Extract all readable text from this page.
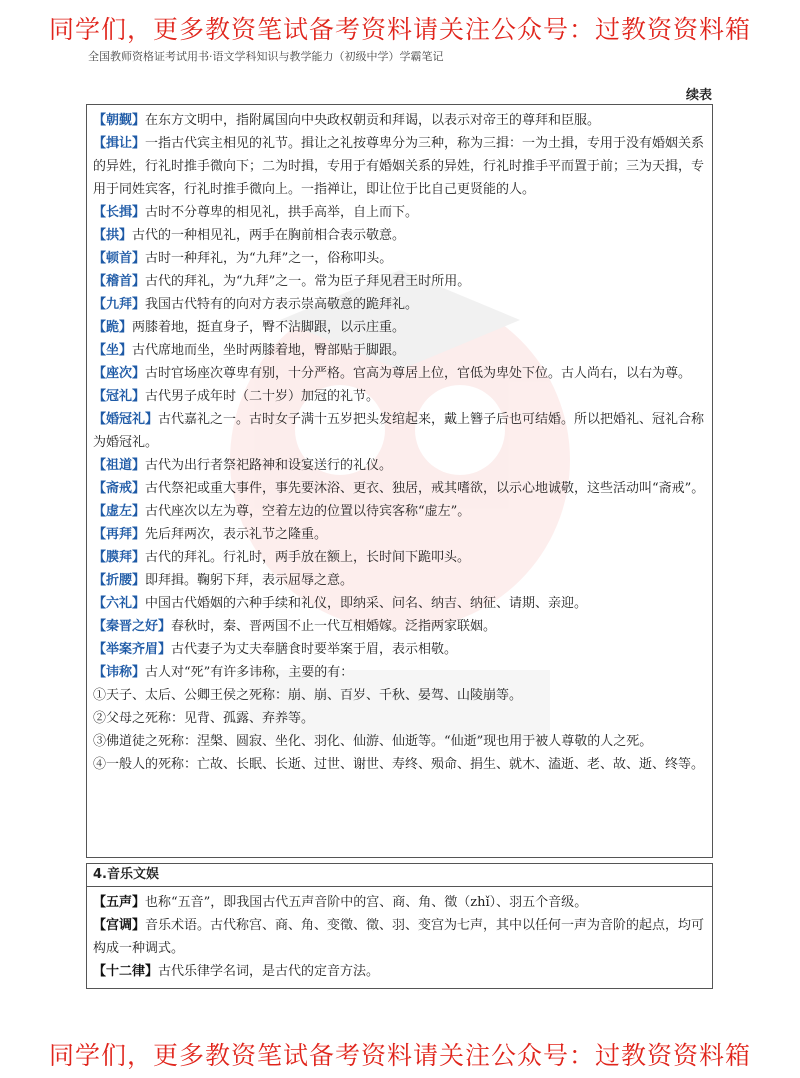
同学们，更多教资笔试备考资料请关注公众号：过教资资料箱
全国教师资格证考试用书·语文学科知识与教学能力（初级中学）学霸笔记
续表

【朝觐】在东方文明中，指附属国向中央政权朝贡和拜谒，以表示对帝王的尊拜和臣服。

【揖让】一指古代宾主相见的礼节。揖让之礼按尊卑分为三种，称为三揖：一为土揖，专用于没有婚姻关系的异姓，行礼时推手微向下；二为时揖，专用于有婚姻关系的异姓，行礼时推手平而置于前；三为天揖，专用于同姓宾客，行礼时推手微向上。一指禅让，即让位于比自己更贤能的人。

【长揖】古时不分尊卑的相见礼，拱手高举，自上而下。

【拱】古代的一种相见礼，两手在胸前相合表示敬意。

【顿首】古时一种拜礼，为“九拜”之一，俗称叩头。

【稽首】古代的拜礼，为“九拜”之一。常为臣子拜见君王时所用。

【九拜】我国古代特有的向对方表示崇高敬意的跪拜礼。

【跪】两膝着地，挺直身子，臀不沾脚跟，以示庄重。

【坐】古代席地而坐，坐时两膝着地，臀部贴于脚跟。

【座次】古时官场座次尊卑有别，十分严格。官高为尊居上位，官低为卑处下位。古人尚右，以右为尊。

【冠礼】古代男子成年时（二十岁）加冠的礼节。

【婚冠礼】古代嘉礼之一。古时女子满十五岁把头发绾起来，戴上簪子后也可结婚。所以把婚礼、冠礼合称为婚冠礼。

【祖道】古代为出行者祭祀路神和设宴送行的礼仪。

【斋戒】古代祭祀或重大事件，事先要沐浴、更衣、独居，戒其嗜欲，以示心地诚敬，这些活动叫“斋戒”。

【虚左】古代座次以左为尊，空着左边的位置以待宾客称“虚左”。

【再拜】先后拜两次，表示礼节之隆重。

【膜拜】古代的拜礼。行礼时，两手放在额上，长时间下跪叩头。

【折腰】即拜揖。鞠躬下拜，表示屈辱之意。

【六礼】中国古代婚姻的六种手续和礼仪，即纳采、问名、纳吉、纳征、请期、亲迎。

【秦晋之好】春秋时，秦、晋两国不止一代互相婚嫁。泛指两家联姻。

【举案齐眉】古代妻子为丈夫奉膳食时要举案于眉，表示相敬。

【讳称】古人对“死”有许多讳称，主要的有：

①天子、太后、公卿王侯之死称：崩、崩、百岁、千秋、晏驾、山陵崩等。

②父母之死称：见背、孤露、弃养等。

③佛道徒之死称：涅槃、圆寂、坐化、羽化、仙游、仙逝等。“仙逝”现也用于被人尊敬的人之死。

④一般人的死称：亡故、长眠、长逝、过世、谢世、寿终、殒命、捐生、就木、溘逝、老、故、逝、终等。

4.音乐文娱

【五声】也称“五音”，即我国古代五声音阶中的宫、商、角、徵（zhǐ）、羽五个音级。

【宫调】音乐术语。古代称宫、商、角、变徵、徵、羽、变宫为七声，其中以任何一声为音阶的起点，均可构成一种调式。

【十二律】古代乐律学名词，是古代的定音方法。

同学们，更多教资笔试备考资料请关注公众号：过教资资料箱
